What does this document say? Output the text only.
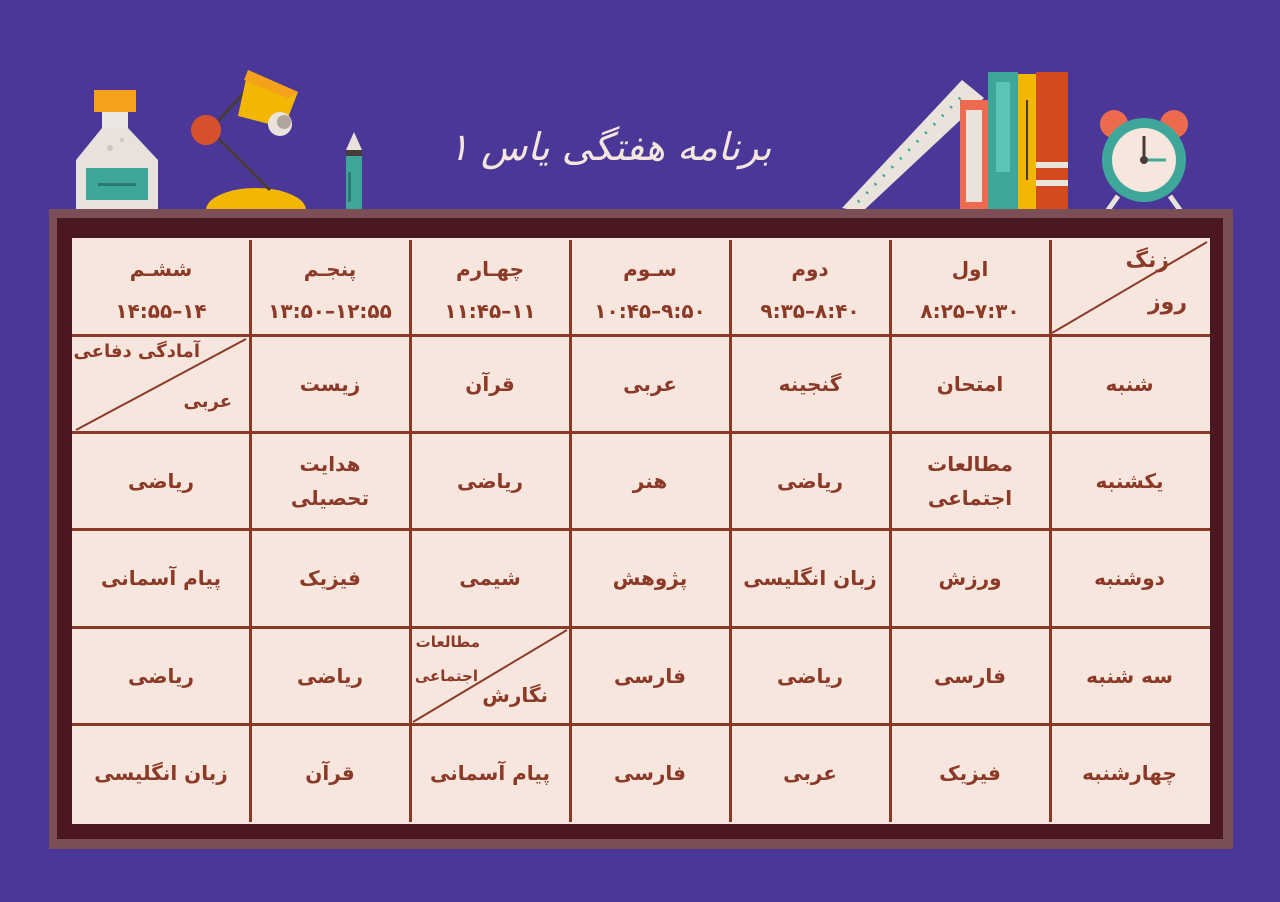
برنامه هفتگی یاس ۱
زنگ
روز
اول
۷:۳۰–۸:۲۵
دوم
۸:۴۰–۹:۳۵
سـوم
۹:۵۰–۱۰:۴۵
چهـارم
۱۱–۱۱:۴۵
پنجـم
۱۲:۵۵–۱۳:۵۰
ششـم
۱۴–۱۴:۵۵
شنبه
امتحان
گنجینه
عربی
قرآن
زیست
آمادگی دفاعی
عربی
یکشنبه
مطالعات
اجتماعی
ریاضی
هنر
ریاضی
هدایت
تحصیلی
ریاضی
دوشنبه
ورزش
زبان انگلیسی
پژوهش
شیمی
فیزیک
پیام آسمانی
سه شنبه
فارسی
ریاضی
فارسی
مطالعات
اجتماعی
نگارش
ریاضی
ریاضی
چهارشنبه
فیزیک
عربی
فارسی
پیام آسمانی
قرآن
زبان انگلیسی
